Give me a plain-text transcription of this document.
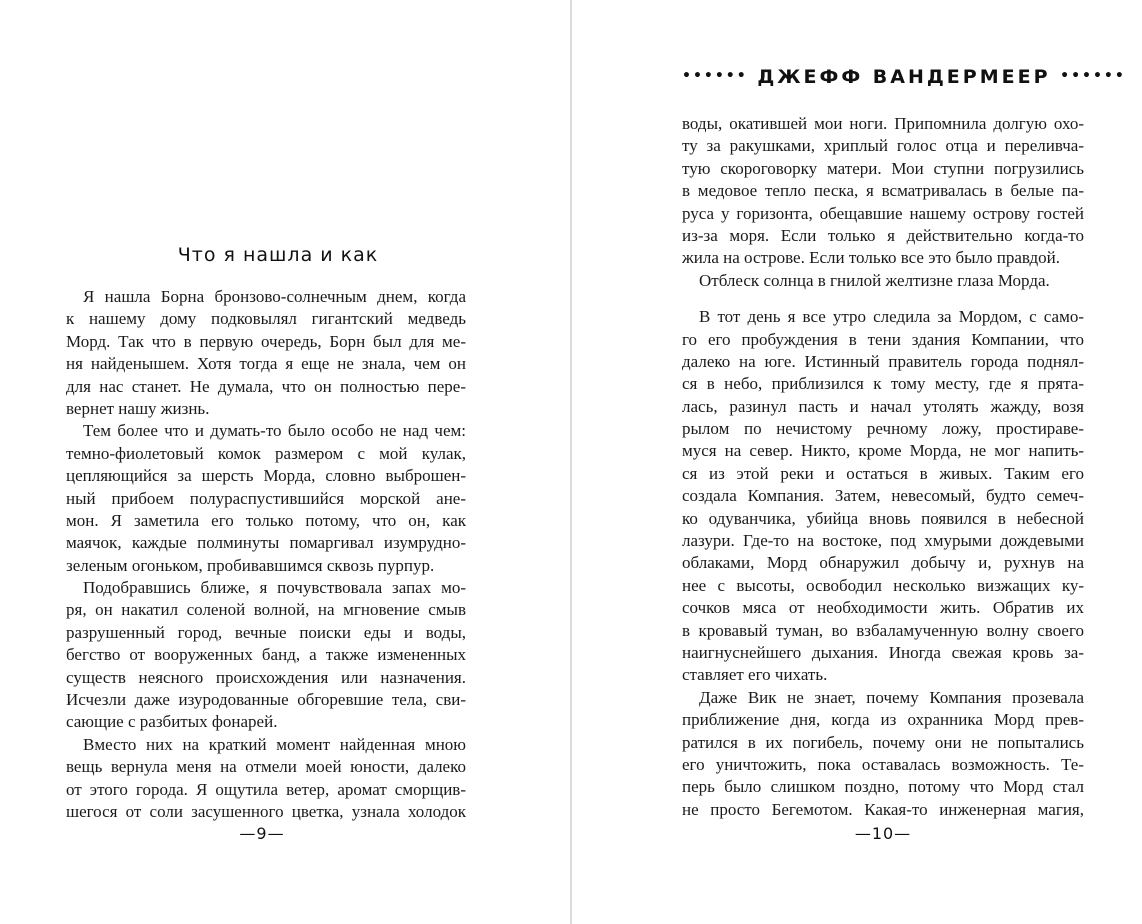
Что я нашла и как
Я нашла Борна бронзово-солнечным днем, когда
к нашему дому подковылял гигантский медведь
Морд. Так что в первую очередь, Борн был для ме-
ня найденышем. Хотя тогда я еще не знала, чем он
для нас станет. Не думала, что он полностью пере-
вернет нашу жизнь.
Тем более что и думать-то было особо не над чем:
темно-фиолетовый комок размером с мой кулак,
цепляющийся за шерсть Морда, словно выброшен-
ный прибоем полураспустившийся морской ане-
мон. Я заметила его только потому, что он, как
маячок, каждые полминуты помаргивал изумрудно-
зеленым огоньком, пробивавшимся сквозь пурпур.
Подобравшись ближе, я почувствовала запах мо-
ря, он накатил соленой волной, на мгновение смыв
разрушенный город, вечные поиски еды и воды,
бегство от вооруженных банд, а также измененных
существ неясного происхождения или назначения.
Исчезли даже изуродованные обгоревшие тела, сви-
сающие с разбитых фонарей.
Вместо них на краткий момент найденная мною
вещь вернула меня на отмели моей юности, далеко
от этого города. Я ощутила ветер, аромат сморщив-
шегося от соли засушенного цветка, узнала холодок
—9—
•••••• ДЖЕФФ ВАНДЕРМЕЕР ••••••
воды, окатившей мои ноги. Припомнила долгую охо-
ту за ракушками, хриплый голос отца и переливча-
тую скороговорку матери. Мои ступни погрузились
в медовое тепло песка, я всматривалась в белые па-
руса у горизонта, обещавшие нашему острову гостей
из-за моря. Если только я действительно когда-то
жила на острове. Если только все это было правдой.
Отблеск солнца в гнилой желтизне глаза Морда.
В тот день я все утро следила за Мордом, с само-
го его пробуждения в тени здания Компании, что
далеко на юге. Истинный правитель города поднял-
ся в небо, приблизился к тому месту, где я прята-
лась, разинул пасть и начал утолять жажду, возя
рылом по нечистому речному ложу, простираве-
муся на север. Никто, кроме Морда, не мог напить-
ся из этой реки и остаться в живых. Таким его
создала Компания. Затем, невесомый, будто семеч-
ко одуванчика, убийца вновь появился в небесной
лазури. Где-то на востоке, под хмурыми дождевыми
облаками, Морд обнаружил добычу и, рухнув на
нее с высоты, освободил несколько визжащих ку-
сочков мяса от необходимости жить. Обратив их
в кровавый туман, во взбаламученную волну своего
наигнуснейшего дыхания. Иногда свежая кровь за-
ставляет его чихать.
Даже Вик не знает, почему Компания прозевала
приближение дня, когда из охранника Морд прев-
ратился в их погибель, почему они не попытались
его уничтожить, пока оставалась возможность. Те-
перь было слишком поздно, потому что Морд стал
не просто Бегемотом. Какая-то инженерная магия,
—10—
